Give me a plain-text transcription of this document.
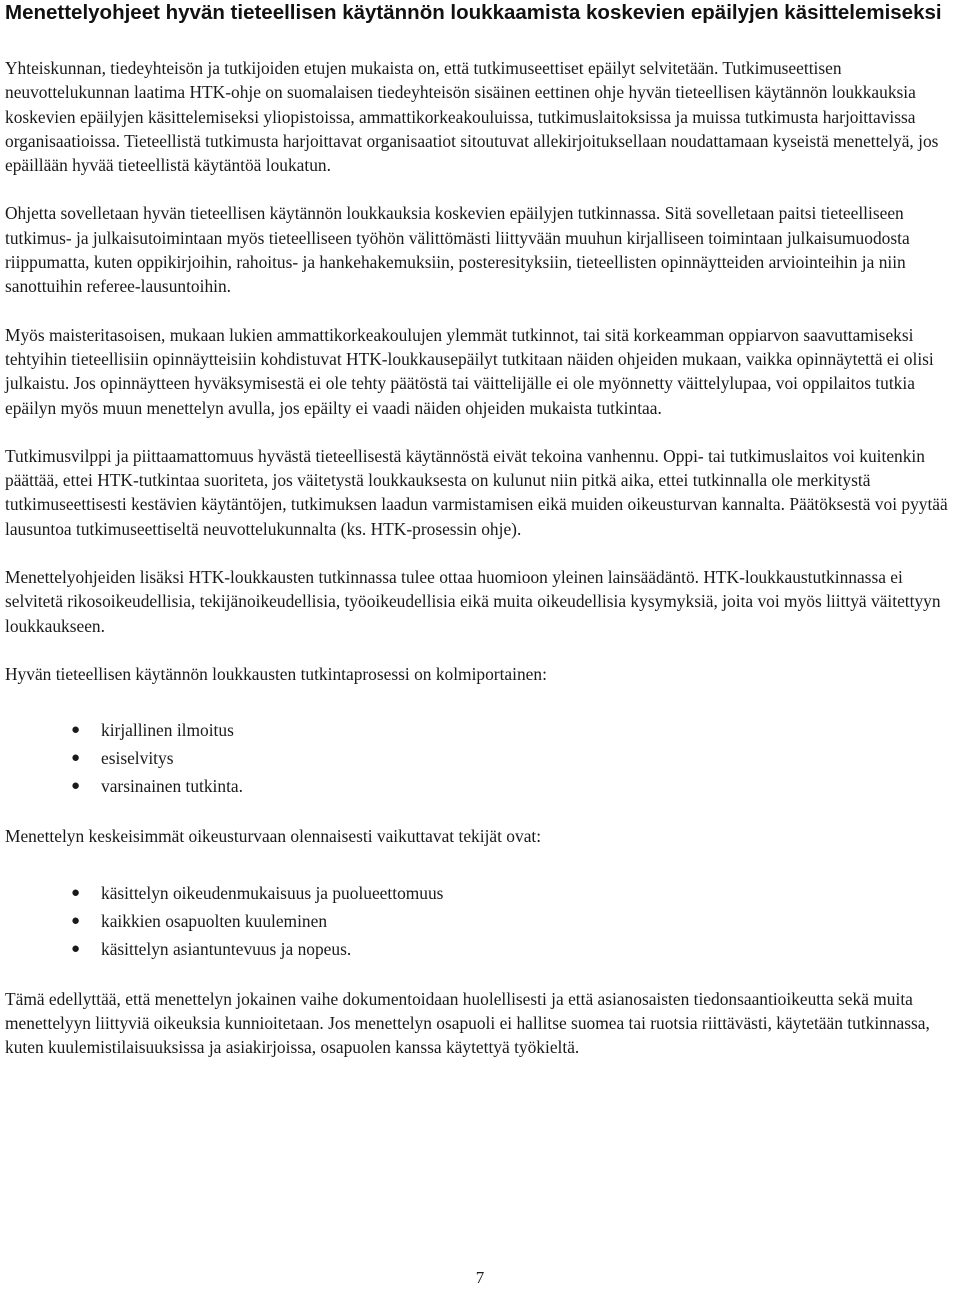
Menettelyohjeet hyvän tieteellisen käytännön loukkaamista koskevien epäilyjen käsittelemiseksi

Yhteiskunnan, tiedeyhteisön ja tutkijoiden etujen mukaista on, että tutkimuseettiset epäilyt selvitetään. Tutkimuseettisen neuvottelukunnan laatima HTK-ohje on suomalaisen tiedeyhteisön sisäinen eettinen ohje hyvän tieteellisen käytännön loukkauksia koskevien epäilyjen käsittelemiseksi yliopistoissa, ammattikorkeakouluissa, tutkimuslaitoksissa ja muissa tutkimusta harjoittavissa organisaatioissa. Tieteellistä tutkimusta harjoittavat organisaatiot sitoutuvat allekirjoituksellaan noudattamaan kyseistä menettelyä, jos epäillään hyvää tieteellistä käytäntöä loukatun.

Ohjetta sovelletaan hyvän tieteellisen käytännön loukkauksia koskevien epäilyjen tutkinnassa. Sitä sovelletaan paitsi tieteelliseen tutkimus- ja julkaisutoimintaan myös tieteelliseen työhön välittömästi liittyvään muuhun kirjalliseen toimintaan julkaisumuodosta riippumatta, kuten oppikirjoihin, rahoitus- ja hankehakemuksiin, posteresityksiin, tieteellisten opinnäytteiden arviointeihin ja niin sanottuihin referee-lausuntoihin.

Myös maisteritasoisen, mukaan lukien ammattikorkeakoulujen ylemmät tutkinnot, tai sitä korkeamman oppiarvon saavuttamiseksi tehtyihin tieteellisiin opinnäytteisiin kohdistuvat HTK-loukkausepäilyt tutkitaan näiden ohjeiden mukaan, vaikka opinnäytettä ei olisi julkaistu. Jos opinnäytteen hyväksymisestä ei ole tehty päätöstä tai väittelijälle ei ole myönnetty väittelylupaa, voi oppilaitos tutkia epäilyn myös muun menettelyn avulla, jos epäilty ei vaadi näiden ohjeiden mukaista tutkintaa.

Tutkimusvilppi ja piittaamattomuus hyvästä tieteellisestä käytännöstä eivät tekoina vanhennu. Oppi- tai tutkimuslaitos voi kuitenkin päättää, ettei HTK-tutkintaa suoriteta, jos väitetystä loukkauksesta on kulunut niin pitkä aika, ettei tutkinnalla ole merkitystä tutkimuseettisesti kestävien käytäntöjen, tutkimuksen laadun varmistamisen eikä muiden oikeusturvan kannalta. Päätöksestä voi pyytää lausuntoa tutkimuseettiseltä neuvottelukunnalta (ks. HTK-prosessin ohje).

Menettelyohjeiden lisäksi HTK-loukkausten tutkinnassa tulee ottaa huomioon yleinen lainsäädäntö. HTK-loukkaustutkinnassa ei selvitetä rikosoikeudellisia, tekijänoikeudellisia, työoikeudellisia eikä muita oikeudellisia kysymyksiä, joita voi myös liittyä väitettyyn loukkaukseen.

Hyvän tieteellisen käytännön loukkausten tutkintaprosessi on kolmiportainen:

● kirjallinen ilmoitus
● esiselvitys
● varsinainen tutkinta.

Menettelyn keskeisimmät oikeusturvaan olennaisesti vaikuttavat tekijät ovat:

● käsittelyn oikeudenmukaisuus ja puolueettomuus
● kaikkien osapuolten kuuleminen
● käsittelyn asiantuntevuus ja nopeus.

Tämä edellyttää, että menettelyn jokainen vaihe dokumentoidaan huolellisesti ja että asianosaisten tiedonsaantioikeutta sekä muita menettelyyn liittyviä oikeuksia kunnioitetaan. Jos menettelyn osapuoli ei hallitse suomea tai ruotsia riittävästi, käytetään tutkinnassa, kuten kuulemistilaisuuksissa ja asiakirjoissa, osapuolen kanssa käytettyä työkieltä.

7
